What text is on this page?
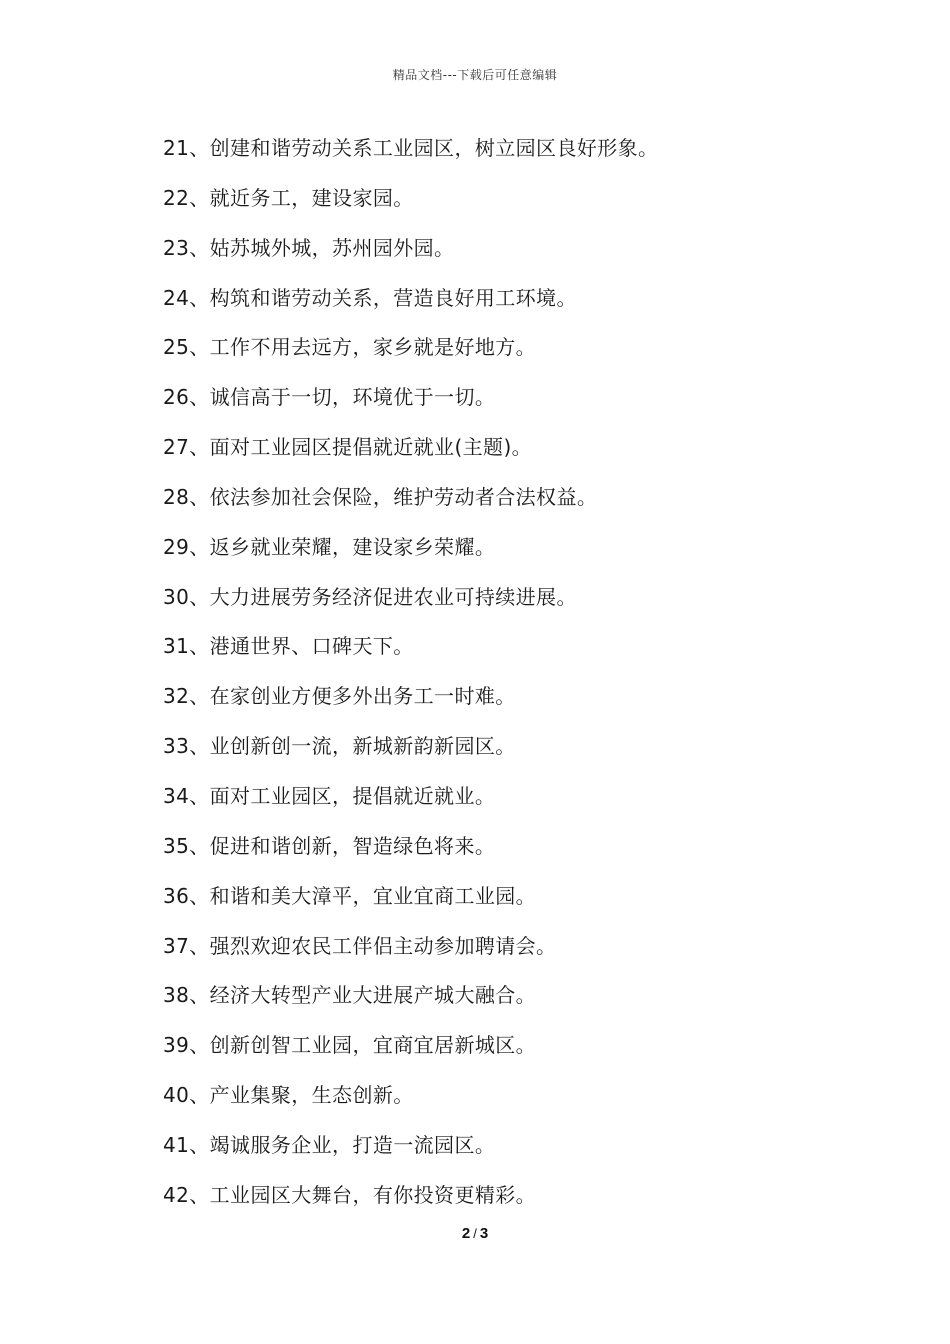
精品文档---下载后可任意编辑
21、创建和谐劳动关系工业园区，树立园区良好形象。
22、就近务工，建设家园。
23、姑苏城外城，苏州园外园。
24、构筑和谐劳动关系，营造良好用工环境。
25、工作不用去远方，家乡就是好地方。
26、诚信高于一切，环境优于一切。
27、面对工业园区提倡就近就业(主题)。
28、依法参加社会保险，维护劳动者合法权益。
29、返乡就业荣耀，建设家乡荣耀。
30、大力进展劳务经济促进农业可持续进展。
31、港通世界、口碑天下。
32、在家创业方便多外出务工一时难。
33、业创新创一流，新城新韵新园区。
34、面对工业园区，提倡就近就业。
35、促进和谐创新，智造绿色将来。
36、和谐和美大漳平，宜业宜商工业园。
37、强烈欢迎农民工伴侣主动参加聘请会。
38、经济大转型产业大进展产城大融合。
39、创新创智工业园，宜商宜居新城区。
40、产业集聚，生态创新。
41、竭诚服务企业，打造一流园区。
42、工业园区大舞台，有你投资更精彩。
2 / 3
